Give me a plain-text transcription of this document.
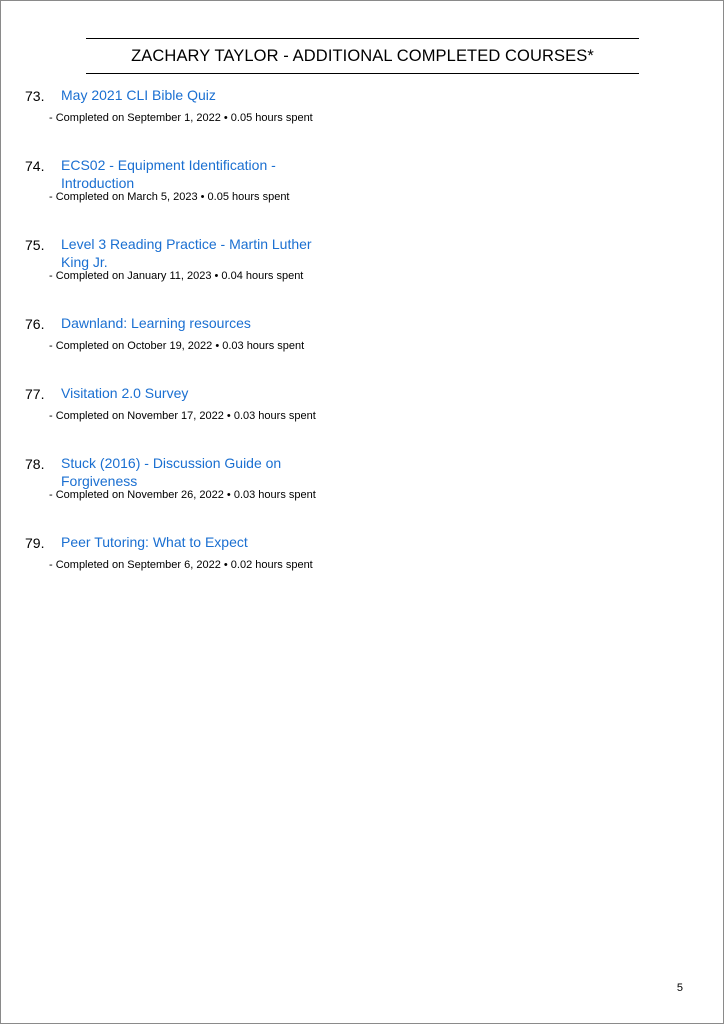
ZACHARY TAYLOR - ADDITIONAL COMPLETED COURSES*
73. May 2021 CLI Bible Quiz
- Completed on September 1, 2022 • 0.05 hours spent
74. ECS02 - Equipment Identification - Introduction
- Completed on March 5, 2023 • 0.05 hours spent
75. Level 3 Reading Practice - Martin Luther King Jr.
- Completed on January 11, 2023 • 0.04 hours spent
76. Dawnland: Learning resources
- Completed on October 19, 2022 • 0.03 hours spent
77. Visitation 2.0 Survey
- Completed on November 17, 2022 • 0.03 hours spent
78. Stuck (2016) - Discussion Guide on Forgiveness
- Completed on November 26, 2022 • 0.03 hours spent
79. Peer Tutoring: What to Expect
- Completed on September 6, 2022 • 0.02 hours spent
5
